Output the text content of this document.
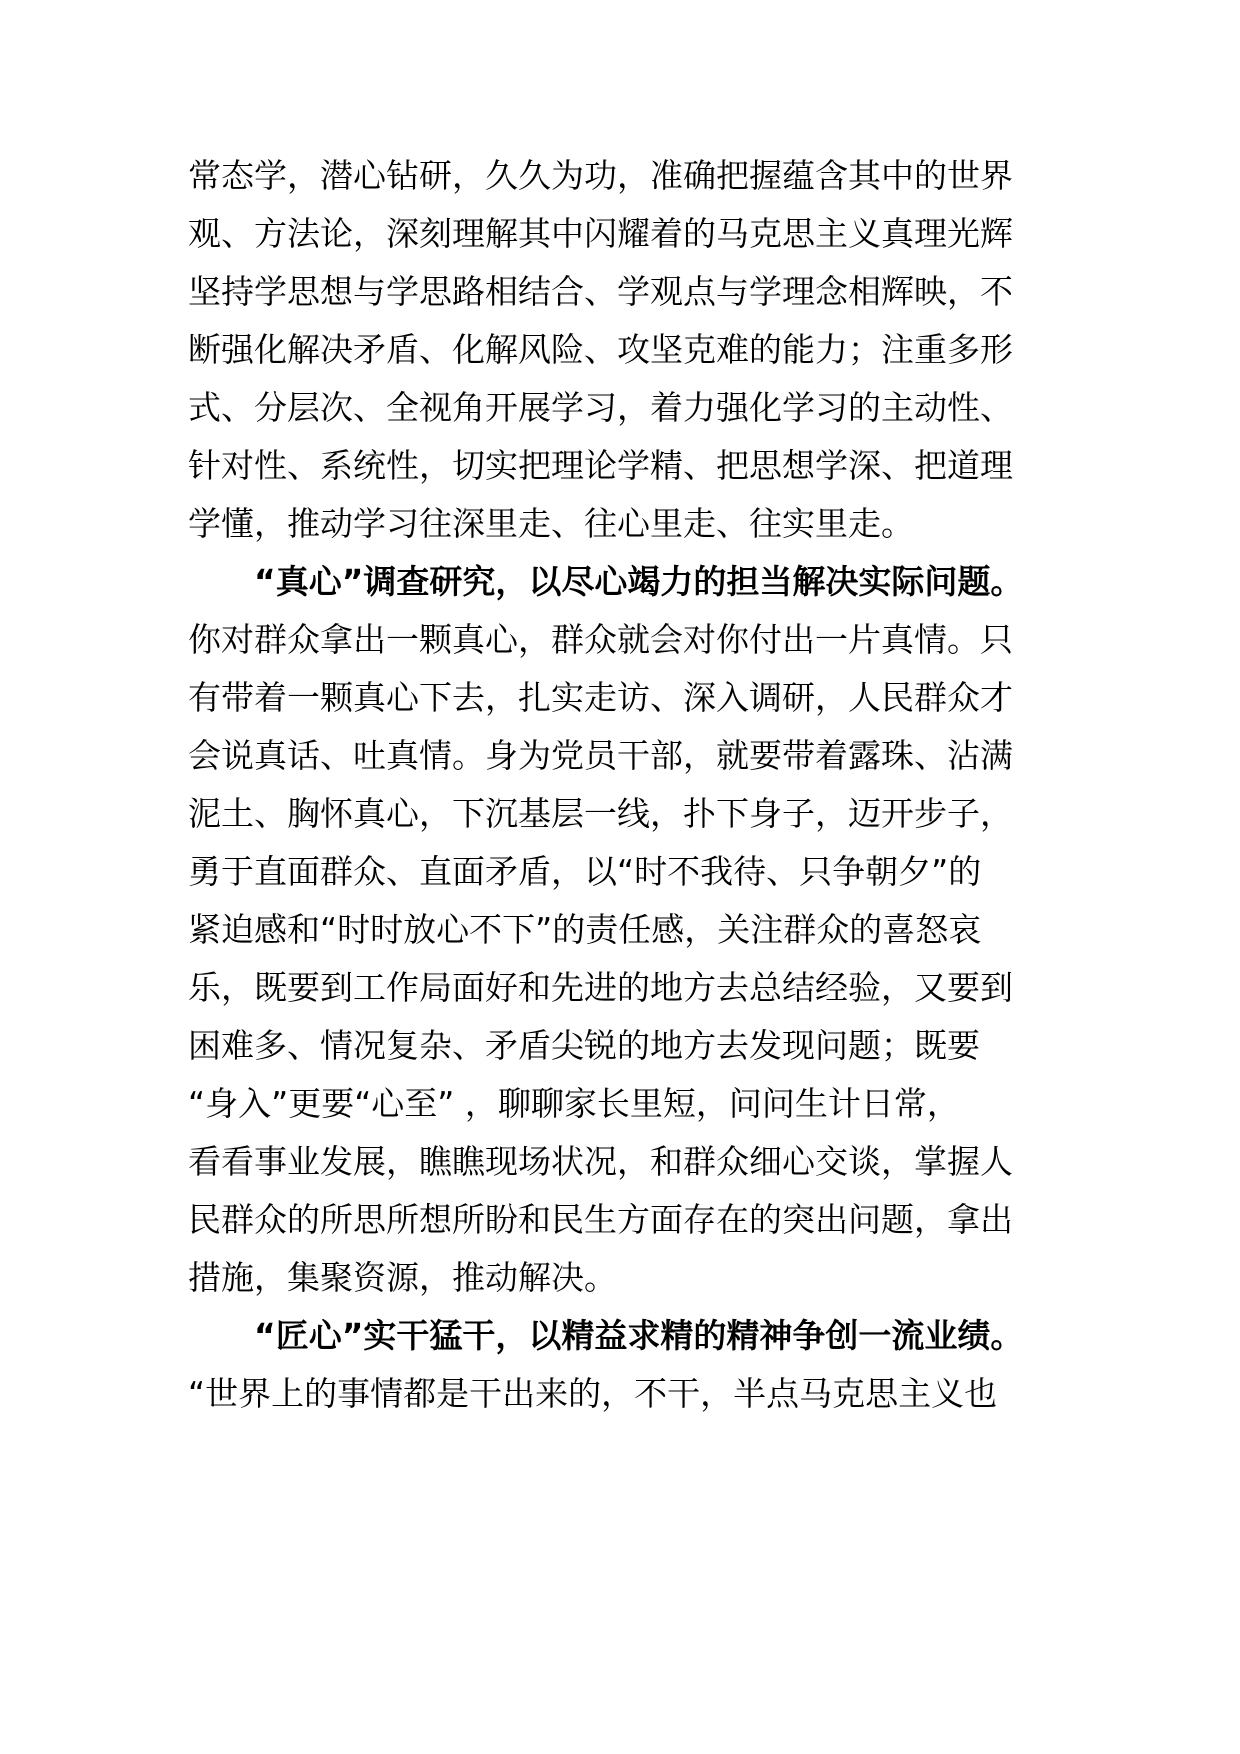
常态学，潜心钻研，久久为功，准确把握蕴含其中的世界
观、方法论，深刻理解其中闪耀着的马克思主义真理光辉
坚持学思想与学思路相结合、学观点与学理念相辉映，不
断强化解决矛盾、化解风险、攻坚克难的能力；注重多形
式、分层次、全视角开展学习，着力强化学习的主动性、
针对性、系统性，切实把理论学精、把思想学深、把道理
学懂，推动学习往深里走、往心里走、往实里走。
　　“真心”调查研究，以尽心竭力的担当解决实际问题。
你对群众拿出一颗真心，群众就会对你付出一片真情。只
有带着一颗真心下去，扎实走访、深入调研，人民群众才
会说真话、吐真情。身为党员干部，就要带着露珠、沾满
泥土、胸怀真心，下沉基层一线，扑下身子，迈开步子，
勇于直面群众、直面矛盾，以“时不我待、只争朝夕”的
紧迫感和“时时放心不下”的责任感，关注群众的喜怒哀
乐，既要到工作局面好和先进的地方去总结经验，又要到
困难多、情况复杂、矛盾尖锐的地方去发现问题；既要
“身入”更要“心至” ，聊聊家长里短，问问生计日常，
看看事业发展，瞧瞧现场状况，和群众细心交谈，掌握人
民群众的所思所想所盼和民生方面存在的突出问题，拿出
措施，集聚资源，推动解决。
　　“匠心”实干猛干，以精益求精的精神争创一流业绩。
“世界上的事情都是干出来的，不干，半点马克思主义也
